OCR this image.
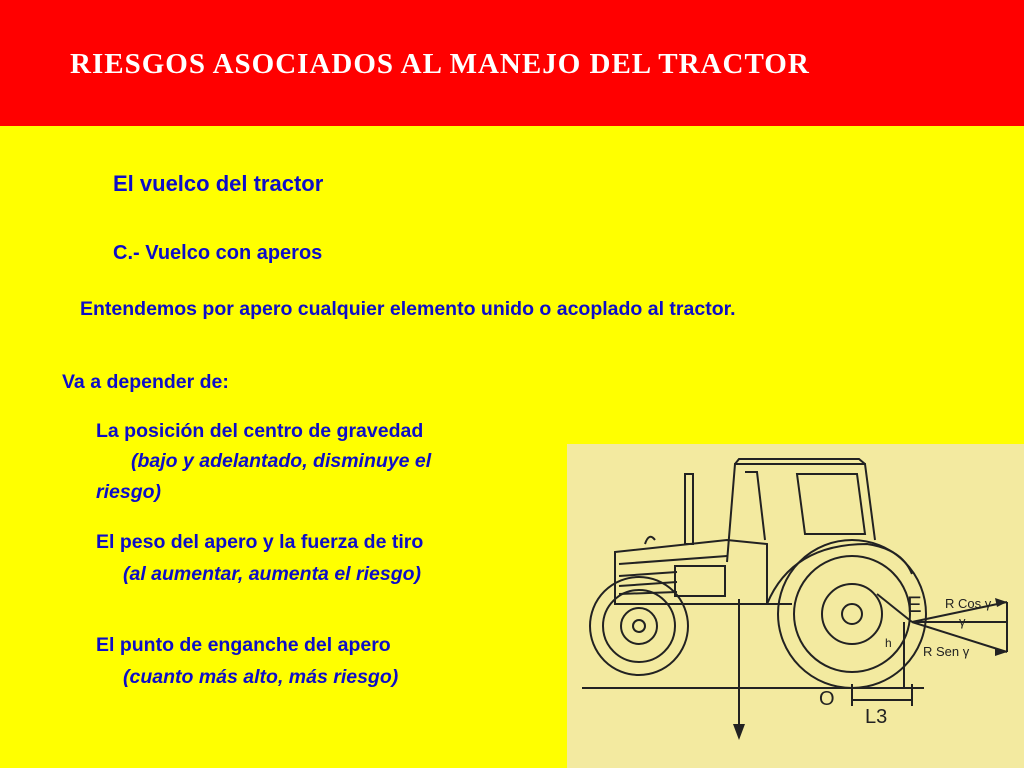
RIESGOS ASOCIADOS AL MANEJO DEL TRACTOR
El vuelco del tractor
C.- Vuelco con aperos
Entendemos por apero cualquier elemento unido o acoplado al tractor.
Va a depender de:
La posición del centro de gravedad
(bajo y adelantado, disminuye el
riesgo)
El peso del apero y la fuerza de tiro
(al aumentar, aumenta el riesgo)
El punto de enganche del apero
(cuanto más alto, más riesgo)
E R Cos γ
γ
R Sen γ
h
O
L3
